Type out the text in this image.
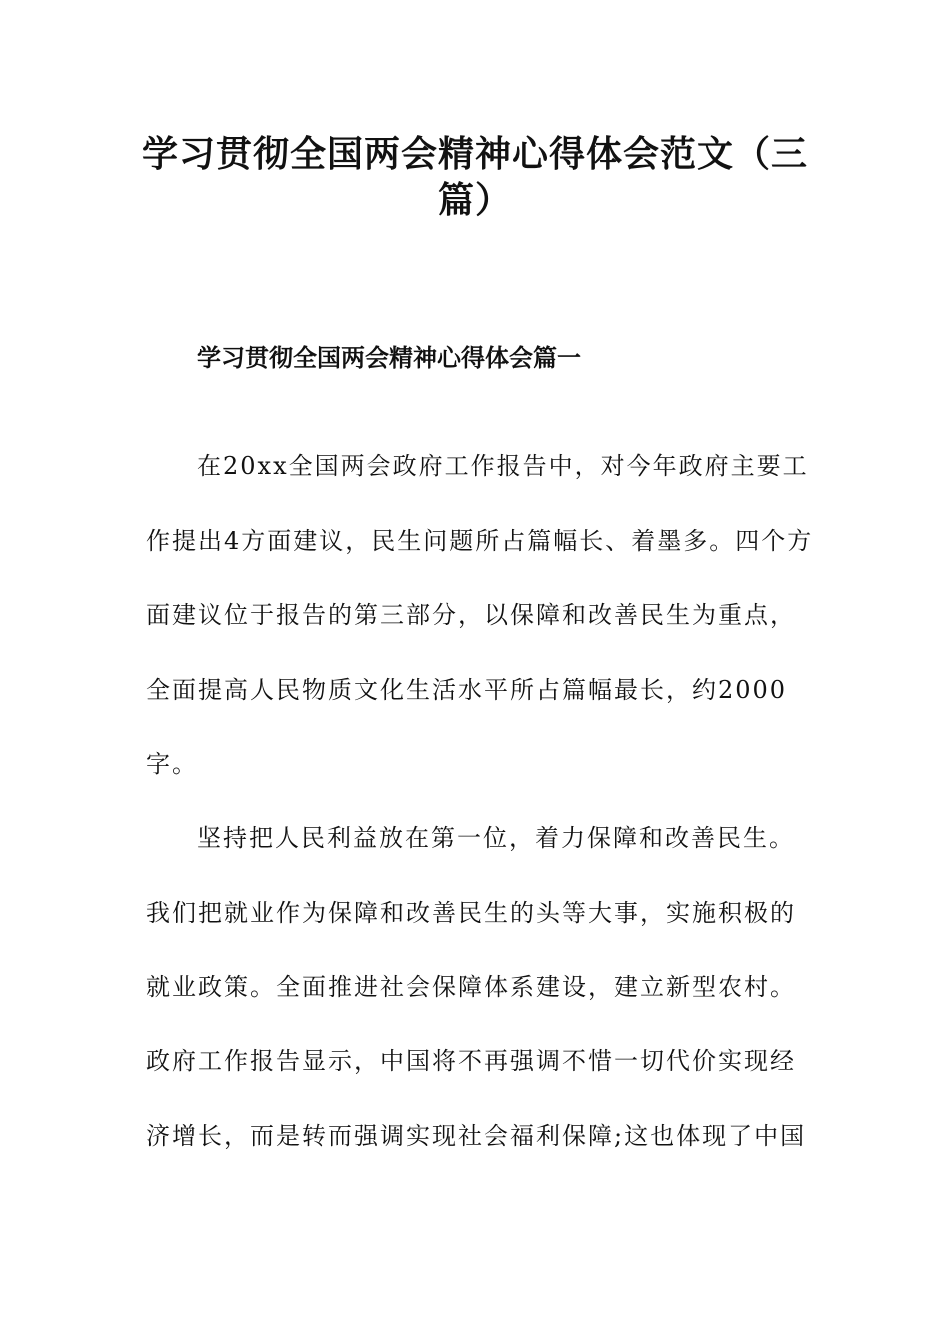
学习贯彻全国两会精神心得体会范文（三
篇）
学习贯彻全国两会精神心得体会篇一
在20xx全国两会政府工作报告中，对今年政府主要工
作提出4方面建议，民生问题所占篇幅长、着墨多。四个方
面建议位于报告的第三部分，以保障和改善民生为重点，
全面提高人民物质文化生活水平所占篇幅最长，约2000
字。
坚持把人民利益放在第一位，着力保障和改善民生。
我们把就业作为保障和改善民生的头等大事，实施积极的
就业政策。全面推进社会保障体系建设，建立新型农村。
政府工作报告显示，中国将不再强调不惜一切代价实现经
济增长，而是转而强调实现社会福利保障;这也体现了中国
